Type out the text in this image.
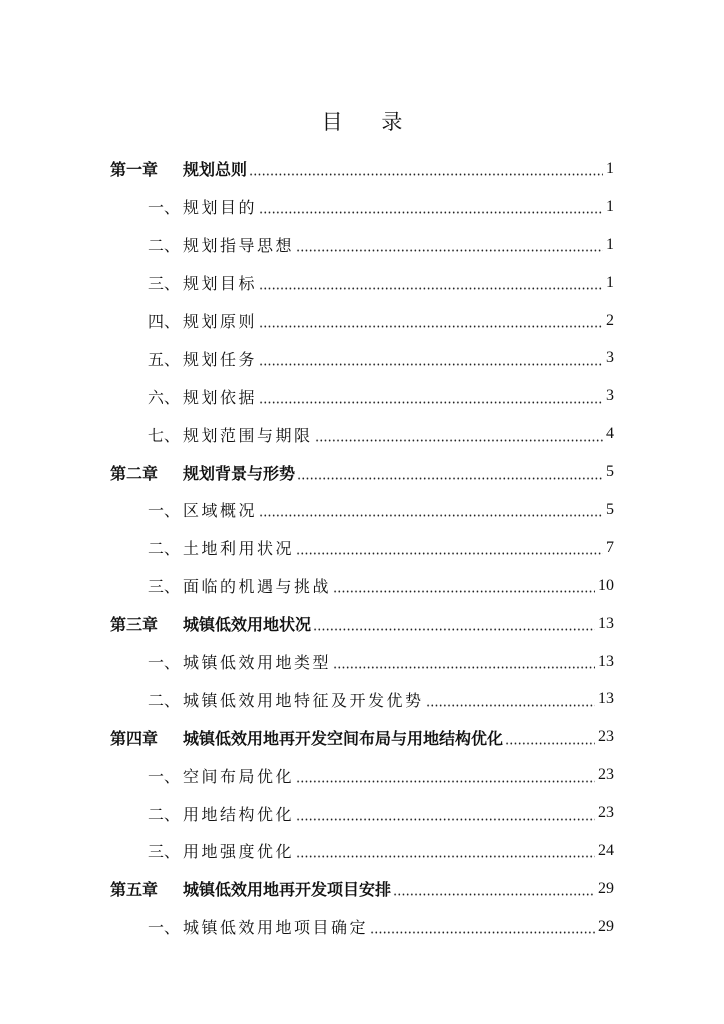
目 录
第一章	规划总则	1
一、 规划目的	1
二、 规划指导思想	1
三、 规划目标	1
四、 规划原则	2
五、 规划任务	3
六、 规划依据	3
七、 规划范围与期限	4
第二章	规划背景与形势	5
一、 区域概况	5
二、 土地利用状况	7
三、 面临的机遇与挑战	10
第三章	城镇低效用地状况	13
一、 城镇低效用地类型	13
二、 城镇低效用地特征及开发优势	13
第四章	城镇低效用地再开发空间布局与用地结构优化	23
一、 空间布局优化	23
二、 用地结构优化	23
三、 用地强度优化	24
第五章	城镇低效用地再开发项目安排	29
一、 城镇低效用地项目确定	29
